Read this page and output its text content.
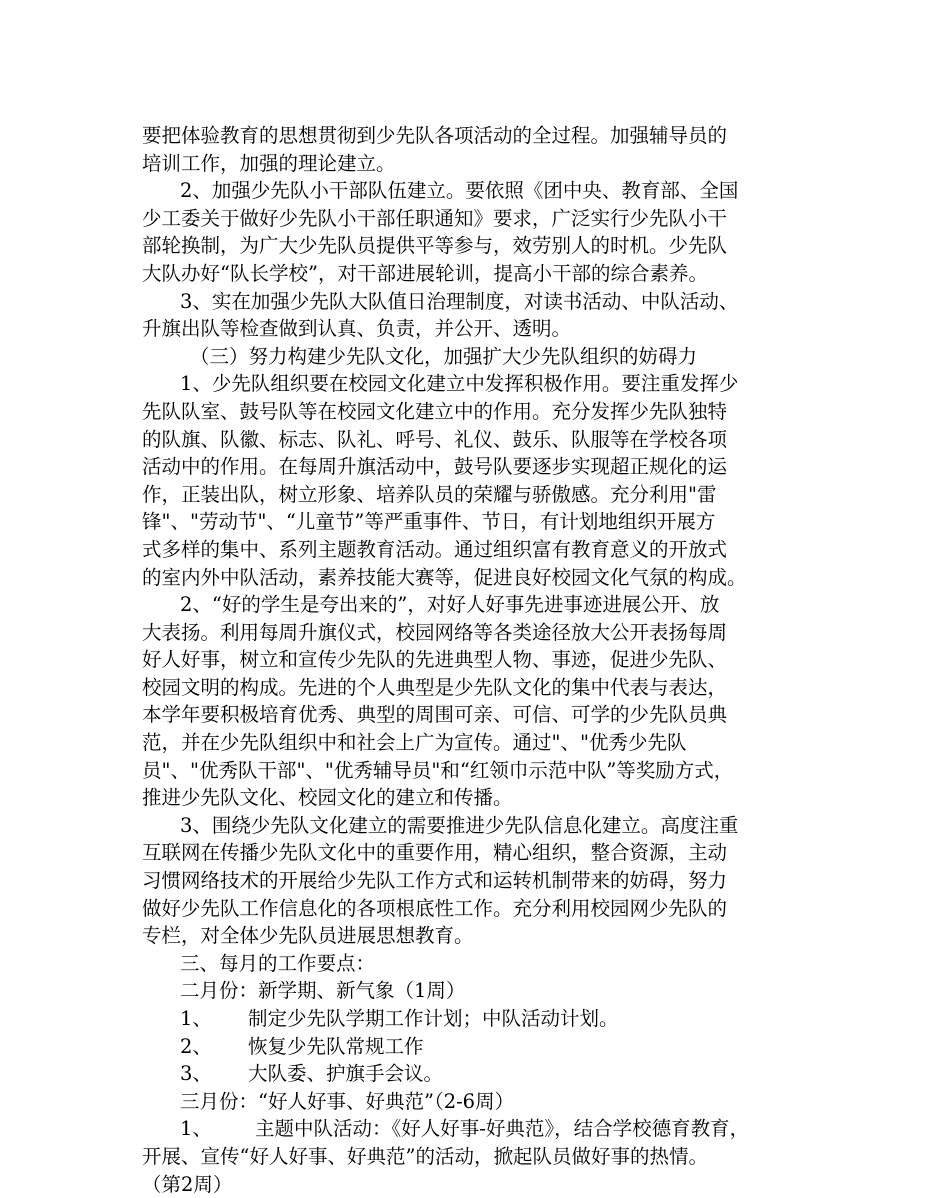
要把体验教育的思想贯彻到少先队各项活动的全过程。加强辅导员的
培训工作，加强的理论建立。
2、加强少先队小干部队伍建立。要依照《团中央、教育部、全国
少工委关于做好少先队小干部任职通知》要求，广泛实行少先队小干
部轮换制，为广大少先队员提供平等参与，效劳别人的时机。少先队
大队办好“队长学校”，对干部进展轮训，提高小干部的综合素养。
3、实在加强少先队大队值日治理制度，对读书活动、中队活动、
升旗出队等检查做到认真、负责，并公开、透明。
（三）努力构建少先队文化，加强扩大少先队组织的妨碍力
1、少先队组织要在校园文化建立中发挥积极作用。要注重发挥少
先队队室、鼓号队等在校园文化建立中的作用。充分发挥少先队独特
的队旗、队徽、标志、队礼、呼号、礼仪、鼓乐、队服等在学校各项
活动中的作用。在每周升旗活动中，鼓号队要逐步实现超正规化的运
作，正装出队，树立形象、培养队员的荣耀与骄傲感。充分利用"雷
锋"、"劳动节"、“儿童节”等严重事件、节日，有计划地组织开展方
式多样的集中、系列主题教育活动。通过组织富有教育意义的开放式
的室内外中队活动，素养技能大赛等，促进良好校园文化气氛的构成。
2、“好的学生是夸出来的”，对好人好事先进事迹进展公开、放
大表扬。利用每周升旗仪式，校园网络等各类途径放大公开表扬每周
好人好事，树立和宣传少先队的先进典型人物、事迹，促进少先队、
校园文明的构成。先进的个人典型是少先队文化的集中代表与表达，
本学年要积极培育优秀、典型的周围可亲、可信、可学的少先队员典
范，并在少先队组织中和社会上广为宣传。通过"、"优秀少先队
员"、"优秀队干部"、"优秀辅导员"和“红领巾示范中队”等奖励方式，
推进少先队文化、校园文化的建立和传播。
3、围绕少先队文化建立的需要推进少先队信息化建立。高度注重
互联网在传播少先队文化中的重要作用，精心组织，整合资源，主动
习惯网络技术的开展给少先队工作方式和运转机制带来的妨碍，努力
做好少先队工作信息化的各项根底性工作。充分利用校园网少先队的
专栏，对全体少先队员进展思想教育。
三、每月的工作要点：
二月份：新学期、新气象（1周）
1、 制定少先队学期工作计划；中队活动计划。
2、 恢复少先队常规工作
3、 大队委、护旗手会议。
三月份：“好人好事、好典范”（2-6周）
1、 主题中队活动：《好人好事-好典范》，结合学校德育教育，
开展、宣传“好人好事、好典范”的活动，掀起队员做好事的热情。
（第2周）
